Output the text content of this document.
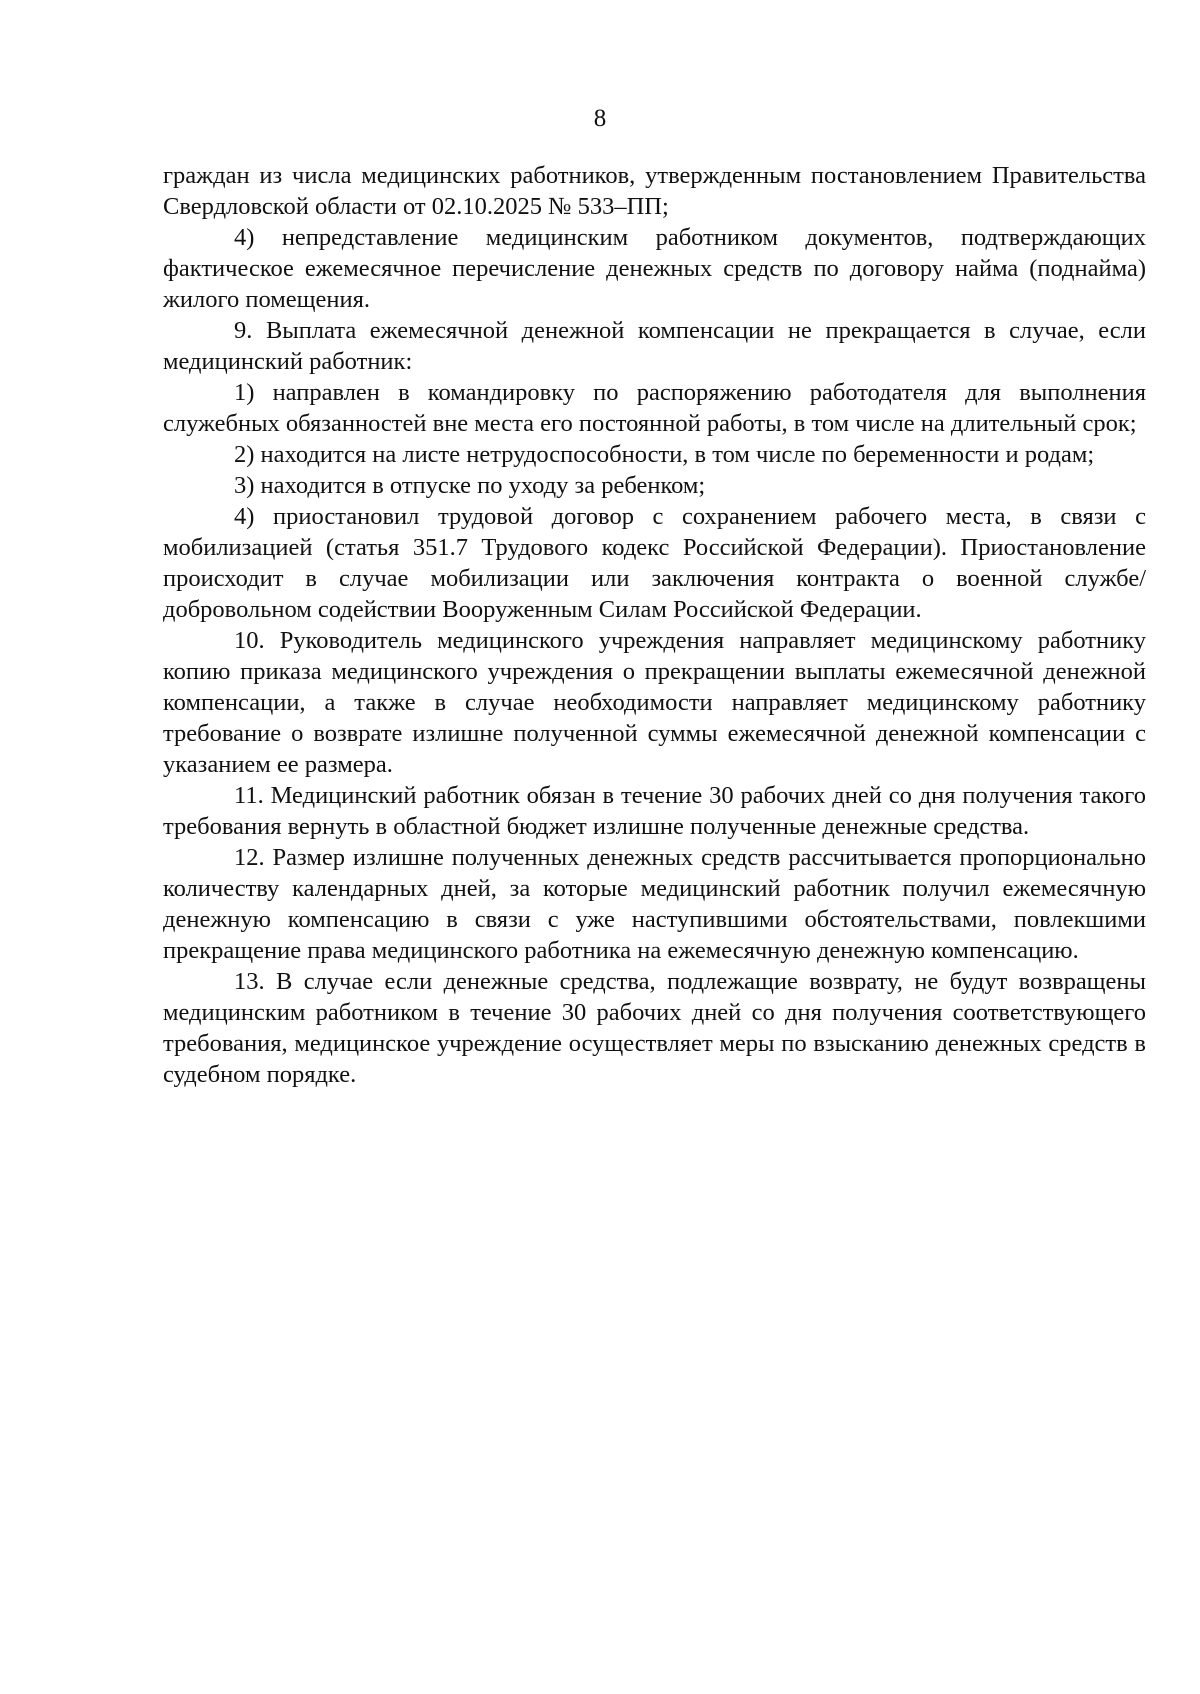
8

граждан из числа медицинских работников, утвержденным постановлением Правительства Свердловской области от 02.10.2025 № 533–ПП;

4) непредставление медицинским работником документов, подтверждающих фактическое ежемесячное перечисление денежных средств по договору найма (поднайма) жилого помещения.

9. Выплата ежемесячной денежной компенсации не прекращается в случае, если медицинский работник:

1) направлен в командировку по распоряжению работодателя для выполнения служебных обязанностей вне места его постоянной работы, в том числе на длительный срок;

2) находится на листе нетрудоспособности, в том числе по беременности и родам;

3) находится в отпуске по уходу за ребенком;

4) приостановил трудовой договор с сохранением рабочего места, в связи с мобилизацией (статья 351.7 Трудового кодекс Российской Федерации). Приостановление происходит в случае мобилизации или заключения контракта о военной службе/добровольном содействии Вооруженным Силам Российской Федерации.

10. Руководитель медицинского учреждения направляет медицинскому работнику копию приказа медицинского учреждения о прекращении выплаты ежемесячной денежной компенсации, а также в случае необходимости направляет медицинскому работнику требование о возврате излишне полученной суммы ежемесячной денежной компенсации с указанием ее размера.

11. Медицинский работник обязан в течение 30 рабочих дней со дня получения такого требования вернуть в областной бюджет излишне полученные денежные средства.

12. Размер излишне полученных денежных средств рассчитывается пропорционально количеству календарных дней, за которые медицинский работник получил ежемесячную денежную компенсацию в связи с уже наступившими обстоятельствами, повлекшими прекращение права медицинского работника на ежемесячную денежную компенсацию.

13. В случае если денежные средства, подлежащие возврату, не будут возвращены медицинским работником в течение 30 рабочих дней со дня получения соответствующего требования, медицинское учреждение осуществляет меры по взысканию денежных средств в судебном порядке.
